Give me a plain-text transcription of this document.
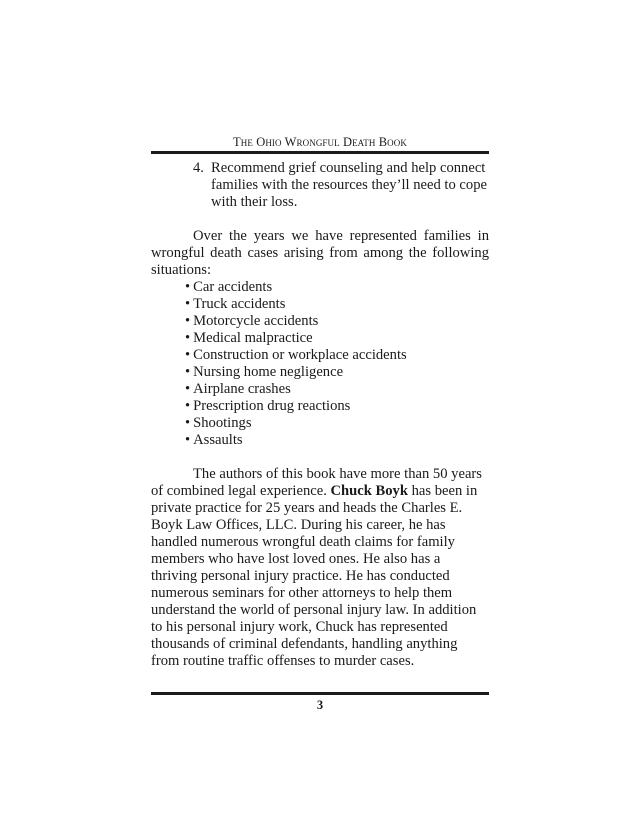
The Ohio Wrongful Death Book
4. Recommend grief counseling and help connect families with the resources they’ll need to cope with their loss.

Over the years we have represented families in wrongful death cases arising from among the following situations:

• Car accidents
• Truck accidents
• Motorcycle accidents
• Medical malpractice
• Construction or workplace accidents
• Nursing home negligence
• Airplane crashes
• Prescription drug reactions
• Shootings
• Assaults

The authors of this book have more than 50 years of combined legal experience. Chuck Boyk has been in private practice for 25 years and heads the Charles E. Boyk Law Offices, LLC. During his career, he has handled numerous wrongful death claims for family members who have lost loved ones. He also has a thriving personal injury practice. He has conducted numerous seminars for other attorneys to help them understand the world of personal injury law. In addition to his personal injury work, Chuck has represented thousands of criminal defendants, handling anything from routine traffic offenses to murder cases.

3
